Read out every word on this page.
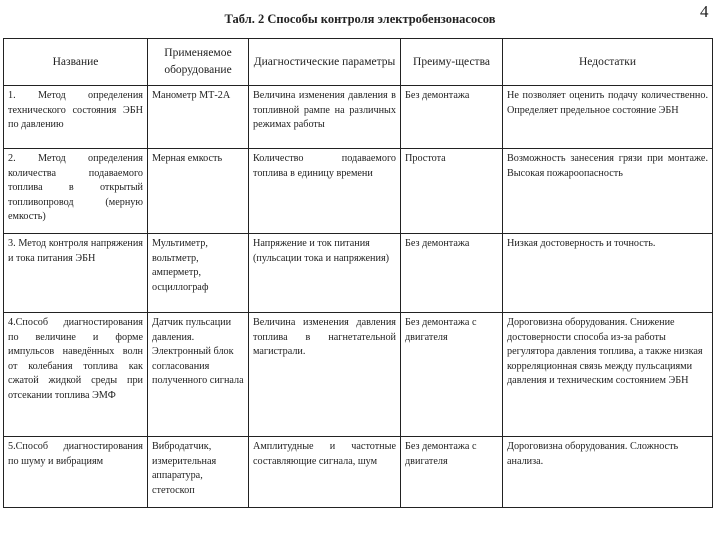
4
Табл. 2 Способы контроля электробензонасосов
Название	Применяемое оборудование	Диагностические параметры	Преиму-щества	Недостатки
1. Метод определения технического состояния ЭБН по давлению	Манометр МТ-2А	Величина изменения давления в топливной рампе на различных режимах работы	Без демонтажа	Не позволяет оценить подачу количественно. Определяет предельное состояние ЭБН
2. Метод определения количества подаваемого топлива в открытый топливопровод (мерную емкость)	Мерная емкость	Количество подаваемого топлива в единицу времени	Простота	Возможность занесения грязи при монтаже. Высокая пожароопасность
3. Метод контроля напряжения и тока питания ЭБН	Мультиметр, вольтметр, амперметр, осциллограф	Напряжение и ток питания (пульсации тока и напряжения)	Без демонтажа	Низкая достоверность и точность.
4.Способ диагностирования по величине и форме импульсов наведённых волн от колебания топлива как сжатой жидкой среды при отсекании топлива ЭМФ	Датчик пульсации давления. Электронный блок согласования полученного сигнала	Величина изменения давления топлива в нагнетательной магистрали.	Без демонтажа с двигателя	Дороговизна оборудования. Снижение достоверности способа из-за работы регулятора давления топлива, а также низкая корреляционная связь между пульсациями давления и техническим состоянием ЭБН
5.Способ диагностирования по шуму и вибрациям	Вибродатчик, измерительная аппаратура, стетоскоп	Амплитудные и частотные составляющие сигнала, шум	Без демонтажа с двигателя	Дороговизна оборудования. Сложность анализа.
